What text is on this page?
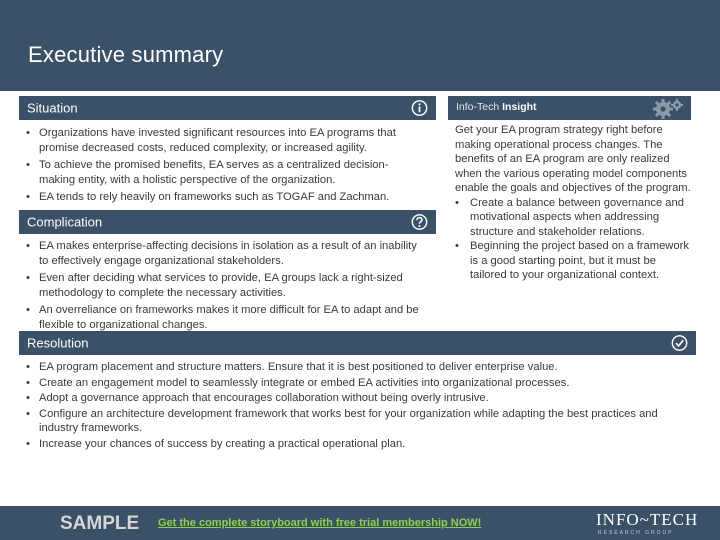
Executive summary
Situation
• Organizations have invested significant resources into EA programs that promise decreased costs, reduced complexity, or increased agility.
• To achieve the promised benefits, EA serves as a centralized decision-making entity, with a holistic perspective of the organization.
• EA tends to rely heavily on frameworks such as TOGAF and Zachman.
Complication
• EA makes enterprise-affecting decisions in isolation as a result of an inability to effectively engage organizational stakeholders.
• Even after deciding what services to provide, EA groups lack a right-sized methodology to complete the necessary activities.
• An overreliance on frameworks makes it more difficult for EA to adapt and be flexible to organizational changes.
Info-Tech Insight
Get your EA program strategy right before making operational process changes. The benefits of an EA program are only realized when the various operating model components enable the goals and objectives of the program.
• Create a balance between governance and motivational aspects when addressing structure and stakeholder relations.
• Beginning the project based on a framework is a good starting point, but it must be tailored to your organizational context.
Resolution
• EA program placement and structure matters. Ensure that it is best positioned to deliver enterprise value.
• Create an engagement model to seamlessly integrate or embed EA activities into organizational processes.
• Adopt a governance approach that encourages collaboration without being overly intrusive.
• Configure an architecture development framework that works best for your organization while adapting the best practices and industry frameworks.
• Increase your chances of success by creating a practical operational plan.
SAMPLE Get the complete storyboard with free trial membership NOW!	INFO~TECH
RESEARCH GROUP
